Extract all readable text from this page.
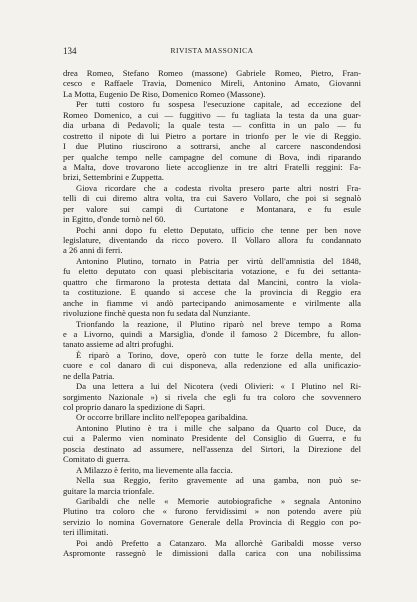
134	RIVISTA MASSONICA
drea Romeo, Stefano Romeo (massone) Gabriele Romeo, Pietro, Fran-
cesco e Raffaele Travia, Domenico Mireli, Antonino Amato, Giovanni
La Motta, Eugenio De Riso, Domenico Romeo (Massone).
Per tutti costoro fu sospesa l'esecuzione capitale, ad eccezione del
Romeo Domenico, a cui — fuggitivo — fu tagliata la testa da una guar-
dia urbana di Pedavoli; la quale testa — confitta in un palo — fu
costretto il nipote di lui Pietro a portare in trionfo per le vie di Reggio.
I due Plutino riuscirono a sottrarsi, anche al carcere nascondendosi
per qualche tempo nelle campagne del comune di Bova, indi riparando
a Malta, dove trovarono liete accoglienze in tre altri Fratelli reggini: Fa-
brizi, Settembrini e Zuppetta.
Giova ricordare che a codesta rivolta presero parte altri nostri Fra-
telli di cui diremo altra volta, tra cui Savero Vollaro, che poi si segnalò
per valore sui campi di Curtatone e Montanara, e fu esule
in Egitto, d'onde tornò nel 60.
Pochi anni dopo fu eletto Deputato, ufficio che tenne per ben nove
legislature, diventando da ricco povero. Il Vollaro allora fu condannato
a 26 anni di ferri.
Antonino Plutino, tornato in Patria per virtù dell'amnistia del 1848,
fu eletto deputato con quasi plebiscitaria votazione, e fu dei settanta-
quattro che firmarono la protesta dettata dal Mancini, contro la viola-
ta costituzione. E quando si accese che la provincia di Reggio era
anche in fiamme vi andò partecipando animosamente e virilmente alla
rivoluzione finchè questa non fu sedata dal Nunziante.
Trionfando la reazione, il Plutino riparò nel breve tempo a Roma
e a Livorno, quindi a Marsiglia, d'onde il famoso 2 Dicembre, fu allon-
tanato assieme ad altri profughi.
È riparò a Torino, dove, operò con tutte le forze della mente, del
cuore e col danaro di cui disponeva, alla redenzione ed alla unificazio-
ne della Patria.
Da una lettera a lui del Nicotera (vedi Olivieri: « I Plutino nel Ri-
sorgimento Nazionale ») si rivela che egli fu tra coloro che sovvennero
col proprio danaro la spedizione di Sapri.
Or occorre brillare inclito nell'epopea garibaldina.
Antonino Plutino è tra i mille che salpano da Quarto col Duce, da
cui a Palermo vien nominato Presidente del Consiglio di Guerra, e fu
poscia destinato ad assumere, nell'assenza del Sirtori, la Direzione del
Comitato di guerra.
A Milazzo è ferito, ma lievemente alla faccia.
Nella sua Reggio, ferito gravemente ad una gamba, non può se-
guitare la marcia trionfale.
Garibaldi che nelle « Memorie autobiografiche » segnala Antonino
Plutino tra coloro che « furono fervidissimi » non potendo avere più
servizio lo nomina Governatore Generale della Provincia di Reggio con po-
teri illimitati.
Poi andò Prefetto a Catanzaro. Ma allorchè Garibaldi mosse verso
Aspromonte rassegnò le dimissioni dalla carica con una nobilissima
